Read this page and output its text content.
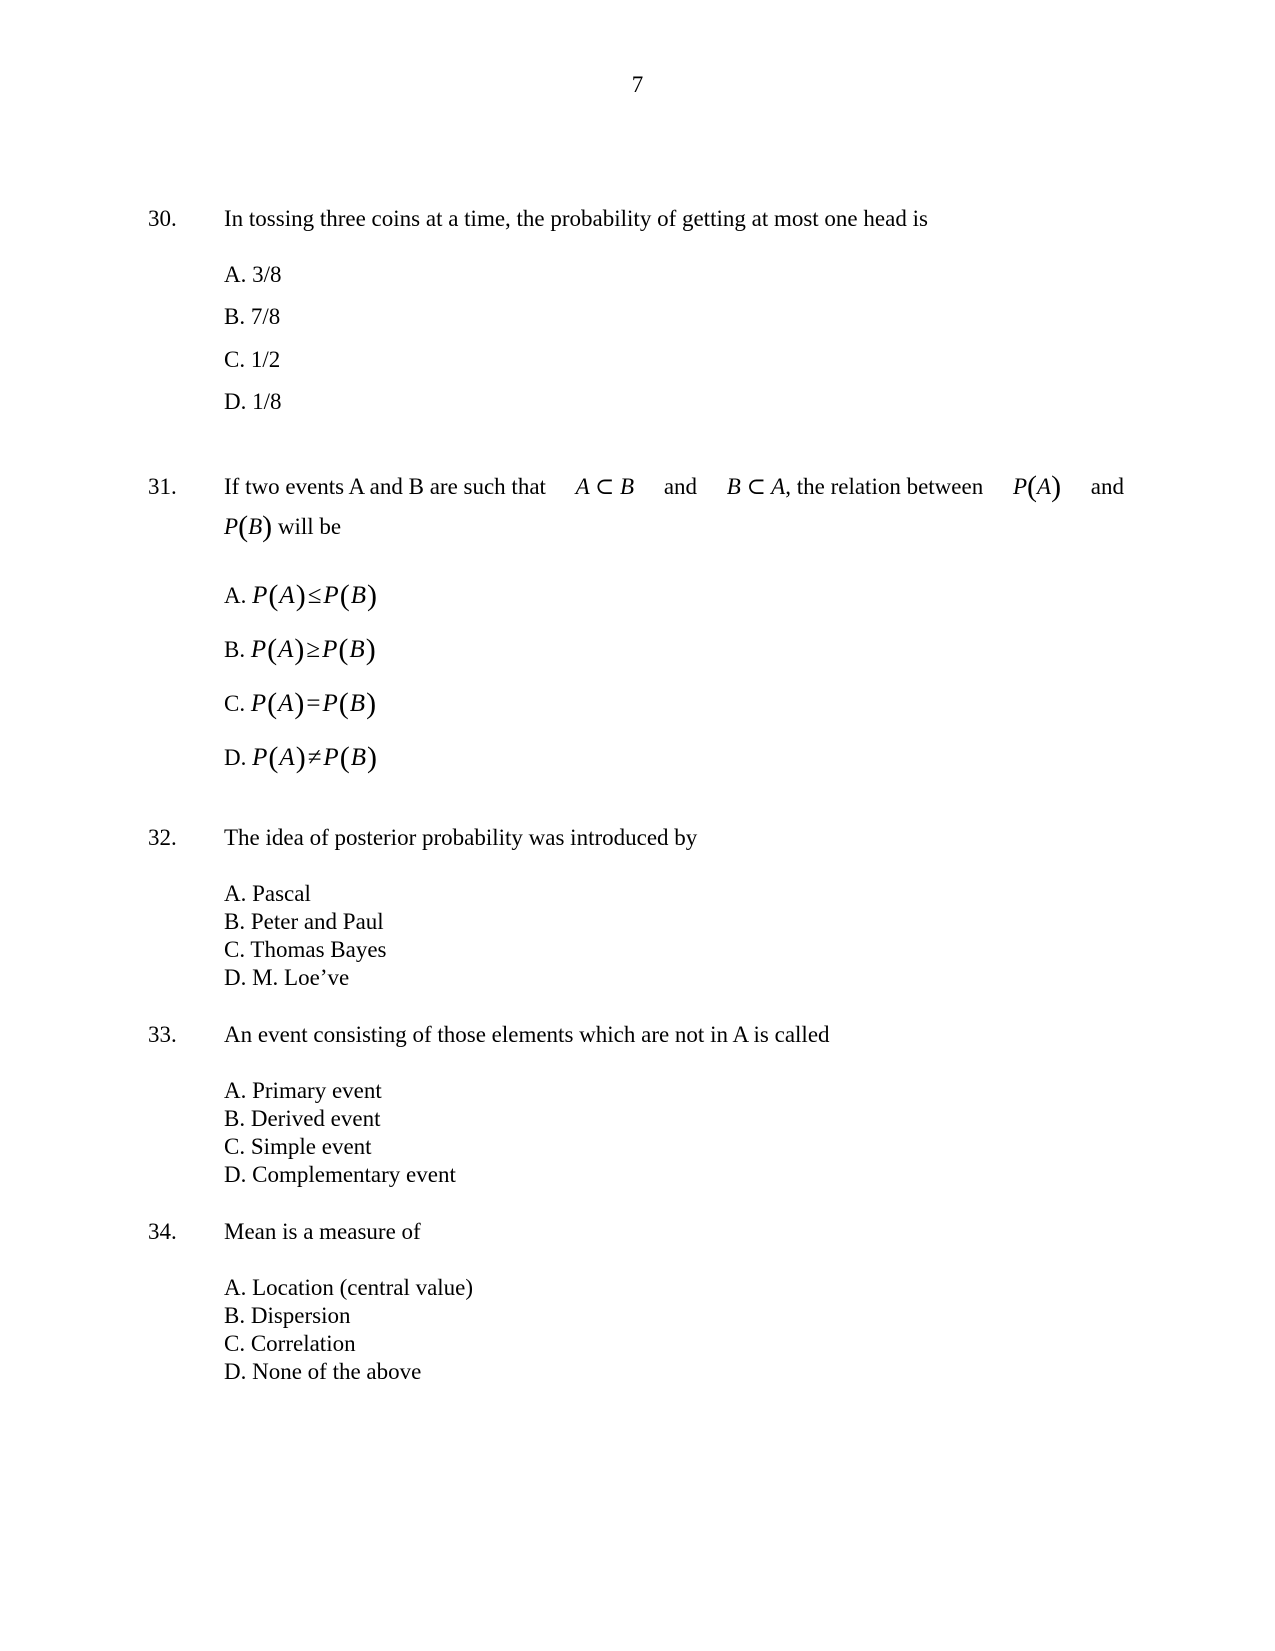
7
30. In tossing three coins at a time, the probability of getting at most one head is
A. 3/8
B. 7/8
C. 1/2
D. 1/8
31. If two events A and B are such that A ⊂ B and B ⊂ A, the relation between P(A) and
P(B) will be
A. P(A)≤P(B)
B. P(A)≥P(B)
C. P(A)=P(B)
D. P(A)≠P(B)
32. The idea of posterior probability was introduced by
A. Pascal
B. Peter and Paul
C. Thomas Bayes
D. M. Loe’ve
33. An event consisting of those elements which are not in A is called
A. Primary event
B. Derived event
C. Simple event
D. Complementary event
34. Mean is a measure of
A. Location (central value)
B. Dispersion
C. Correlation
D. None of the above
